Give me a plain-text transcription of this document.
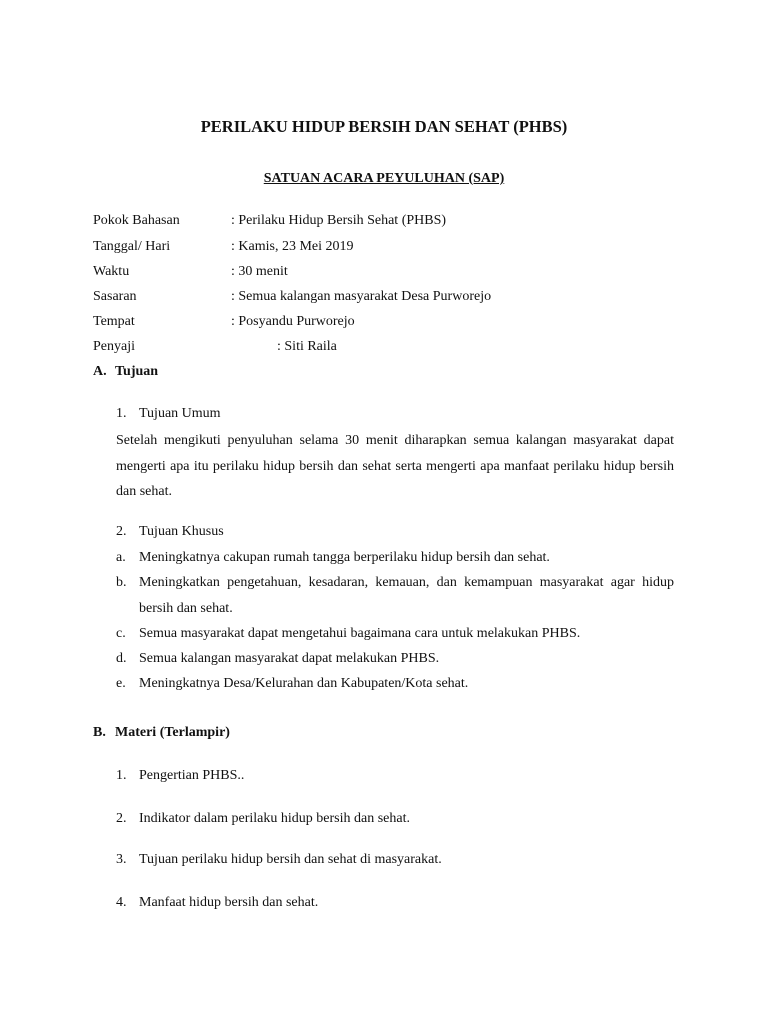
PERILAKU HIDUP BERSIH DAN SEHAT (PHBS)
SATUAN ACARA PEYULUHAN (SAP)
Pokok Bahasan	: Perilaku Hidup Bersih Sehat (PHBS)
Tanggal/ Hari	: Kamis, 23 Mei 2019
Waktu	: 30 menit
Sasaran	: Semua kalangan masyarakat Desa Purworejo
Tempat	: Posyandu Purworejo
Penyaji	: Siti Raila
A. Tujuan
1. Tujuan Umum
Setelah mengikuti penyuluhan selama 30 menit diharapkan semua kalangan masyarakat dapat mengerti apa itu perilaku hidup bersih dan sehat serta mengerti apa manfaat perilaku hidup bersih dan sehat.
2. Tujuan Khusus
a. Meningkatnya cakupan rumah tangga berperilaku hidup bersih dan sehat.
b. Meningkatkan pengetahuan, kesadaran, kemauan, dan kemampuan masyarakat agar hidup bersih dan sehat.
c. Semua masyarakat dapat mengetahui bagaimana cara untuk melakukan PHBS.
d. Semua kalangan masyarakat dapat melakukan PHBS.
e. Meningkatnya Desa/Kelurahan dan Kabupaten/Kota sehat.
B. Materi (Terlampir)
1. Pengertian PHBS..
2. Indikator dalam perilaku hidup bersih dan sehat.
3. Tujuan perilaku hidup bersih dan sehat di masyarakat.
4. Manfaat hidup bersih dan sehat.
